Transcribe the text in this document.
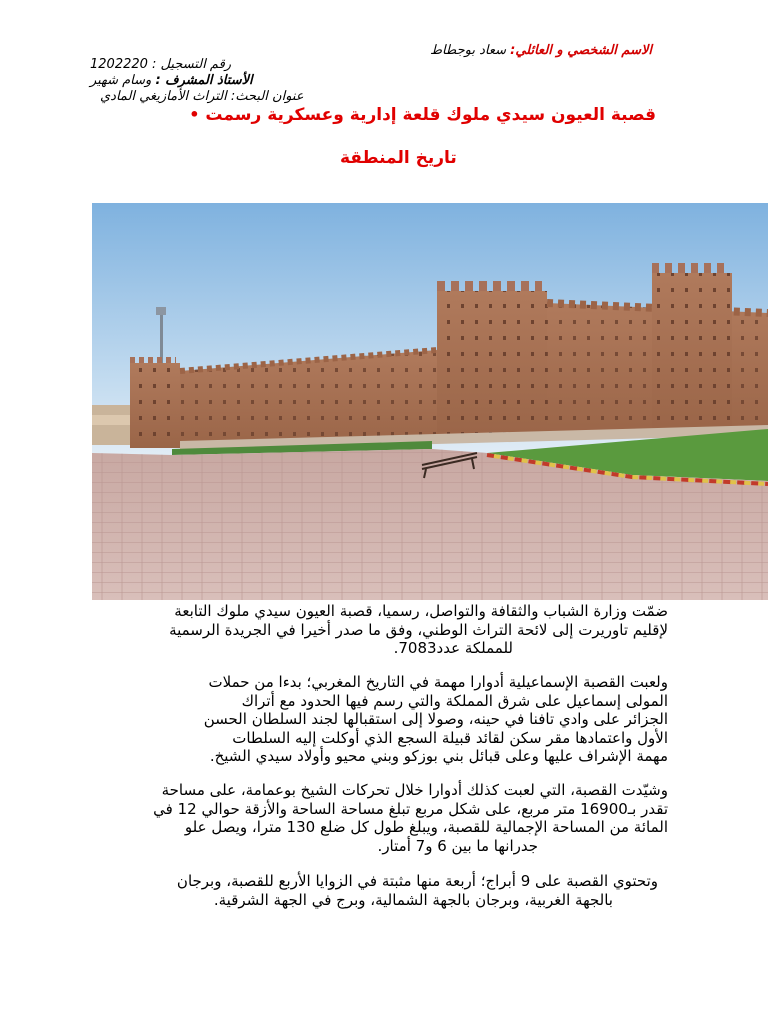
الاسم الشخصي و العائلي: سعاد بوجطاط
رقم التسجيل : 1202220
الأستاذ المشرف : وسام شهير
عنوان البحث: التراث الأمازيغي المادي
قصبة العيون سيدي ملوك قلعة إدارية وعسكرية رسمت •
تاريخ المنطقة
ضمّت وزارة الشباب والثقافة والتواصل، رسميا، قصبة العيون سيدي ملوك التابعة
لإقليم تاوريرت إلى لائحة التراث الوطني، وفق ما صدر أخيرا في الجريدة الرسمية
للمملكة عدد7083.
ولعبت القصبة الإسماعيلية أدوارا مهمة في التاريخ المغربي؛ بدءا من حملات
المولى إسماعيل على شرق المملكة والتي رسم فيها الحدود مع أتراك
الجزائر على وادي تافنا في حينه، وصولا إلى استقبالها لجند السلطان الحسن
الأول واعتمادها مقر سكن لقائد قبيلة السجع الذي أوكلت إليه السلطات
مهمة الإشراف عليها وعلى قبائل بني بوزكو وبني محيو وأولاد سيدي الشيخ.
وشيّدت القصبة، التي لعبت كذلك أدوارا خلال تحركات الشيخ بوعمامة، على مساحة
تقدر بـ16900 متر مربع، على شكل مربع تبلغ مساحة الساحة والأزقة حوالي 12 في
المائة من المساحة الإجمالية للقصبة، ويبلغ طول كل ضلع 130 مترا، ويصل علو
جدرانها ما بين 6 و7 أمتار.
وتحتوي القصبة على 9 أبراج؛ أربعة منها مثبتة في الزوايا الأربع للقصبة، وبرجان
بالجهة الغربية، وبرجان بالجهة الشمالية، وبرج في الجهة الشرقية.
